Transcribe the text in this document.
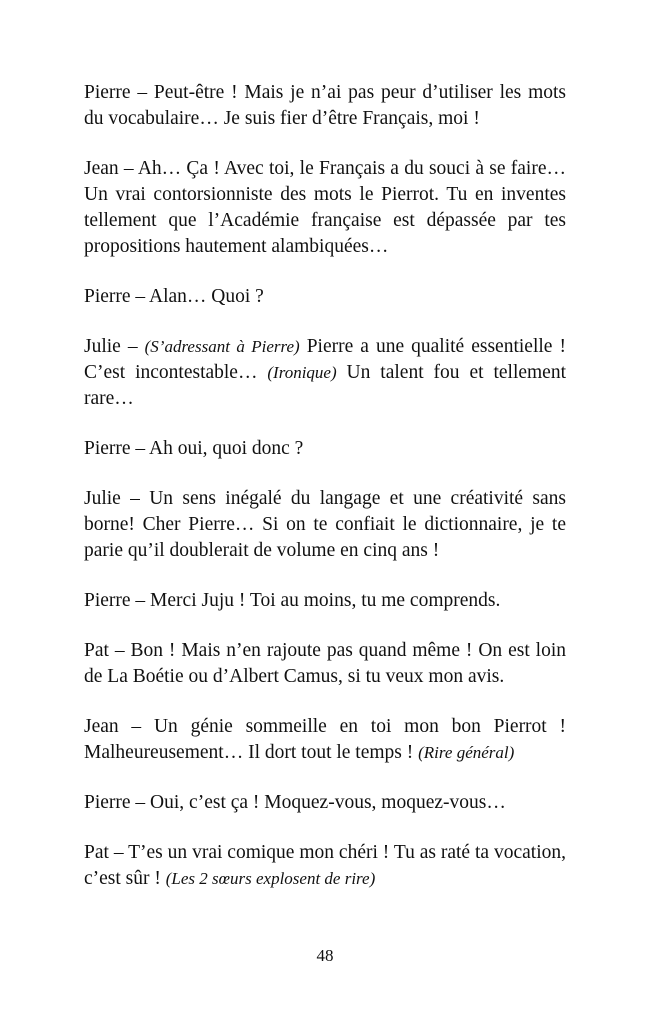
Pierre – Peut-être ! Mais je n’ai pas peur d’utiliser les mots du vocabulaire… Je suis fier d’être Français, moi !

Jean – Ah… Ça ! Avec toi, le Français a du souci à se faire… Un vrai contorsionniste des mots le Pierrot. Tu en inventes tellement que l’Académie française est dépassée par tes propositions hautement alambiquées…

Pierre – Alan… Quoi ?

Julie – (S’adressant à Pierre) Pierre a une qualité essentielle ! C’est incontestable… (Ironique) Un talent fou et tellement rare…

Pierre – Ah oui, quoi donc ?

Julie – Un sens inégalé du langage et une créativité sans borne! Cher Pierre… Si on te confiait le dictionnaire, je te parie qu’il doublerait de volume en cinq ans !

Pierre – Merci Juju ! Toi au moins, tu me comprends.

Pat – Bon ! Mais n’en rajoute pas quand même ! On est loin de La Boétie ou d’Albert Camus, si tu veux mon avis.

Jean – Un génie sommeille en toi mon bon Pierrot ! Malheureusement… Il dort tout le temps ! (Rire général)

Pierre – Oui, c’est ça ! Moquez-vous, moquez-vous…

Pat – T’es un vrai comique mon chéri ! Tu as raté ta vocation, c’est sûr ! (Les 2 sœurs explosent de rire)

48
